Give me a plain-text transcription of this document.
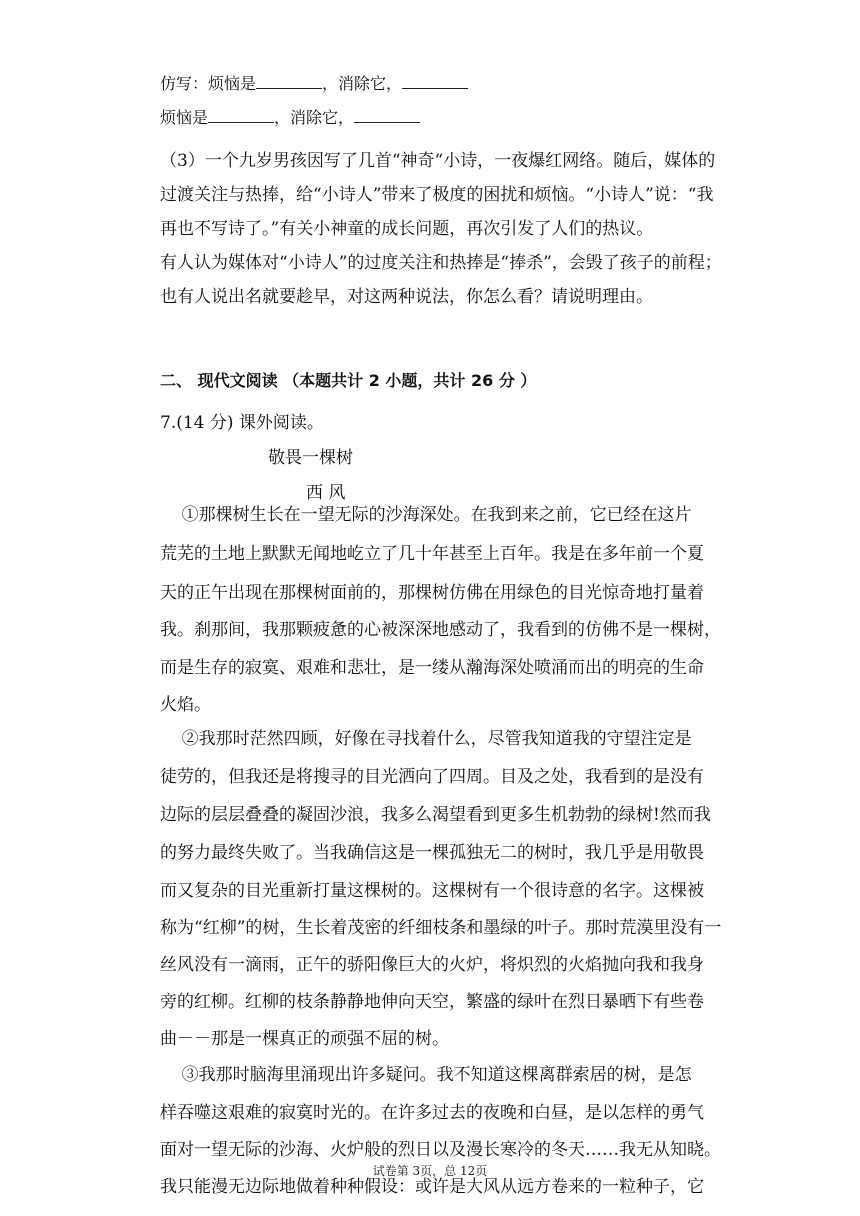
仿写：烦恼是	，消除它，
烦恼是	，消除它，
（3）一个九岁男孩因写了几首“神奇“小诗，一夜爆红网络。随后，媒体的
过渡关注与热捧，给“小诗人”带来了极度的困扰和烦恼。“小诗人”说：“我
再也不写诗了。”有关小神童的成长问题，再次引发了人们的热议。
有人认为媒体对“小诗人”的过度关注和热捧是“捧杀”，会毁了孩子的前程；
也有人说出名就要趁早，对这两种说法，你怎么看？请说明理由。
二、 现代文阅读 （本题共计 2 小题，共计 26 分 ）
7.(14 分) 课外阅读。
敬畏一棵树
西 风
①那棵树生长在一望无际的沙海深处。在我到来之前，它已经在这片
荒芜的土地上默默无闻地屹立了几十年甚至上百年。我是在多年前一个夏
天的正午出现在那棵树面前的，那棵树仿佛在用绿色的目光惊奇地打量着
我。刹那间，我那颗疲惫的心被深深地感动了，我看到的仿佛不是一棵树，
而是生存的寂寞、艰难和悲壮，是一缕从瀚海深处喷涌而出的明亮的生命
火焰。
②我那时茫然四顾，好像在寻找着什么，尽管我知道我的守望注定是
徒劳的，但我还是将搜寻的目光洒向了四周。目及之处，我看到的是没有
边际的层层叠叠的凝固沙浪，我多么渴望看到更多生机勃勃的绿树!然而我
的努力最终失败了。当我确信这是一棵孤独无二的树时，我几乎是用敬畏
而又复杂的目光重新打量这棵树的。这棵树有一个很诗意的名字。这棵被
称为“红柳”的树，生长着茂密的纤细枝条和墨绿的叶子。那时荒漠里没有一
丝风没有一滴雨，正午的骄阳像巨大的火炉，将炽烈的火焰抛向我和我身
旁的红柳。红柳的枝条静静地伸向天空，繁盛的绿叶在烈日暴晒下有些卷
曲－－那是一棵真正的顽强不屈的树。
③我那时脑海里涌现出许多疑问。我不知道这棵离群索居的树，是怎
样吞噬这艰难的寂寞时光的。在许多过去的夜晚和白昼，是以怎样的勇气
面对一望无际的沙海、火炉般的烈日以及漫长寒冷的冬天……我无从知晓。
我只能漫无边际地做着种种假设：或许是大风从远方卷来的一粒种子，它
试卷第 3页，总 12页
